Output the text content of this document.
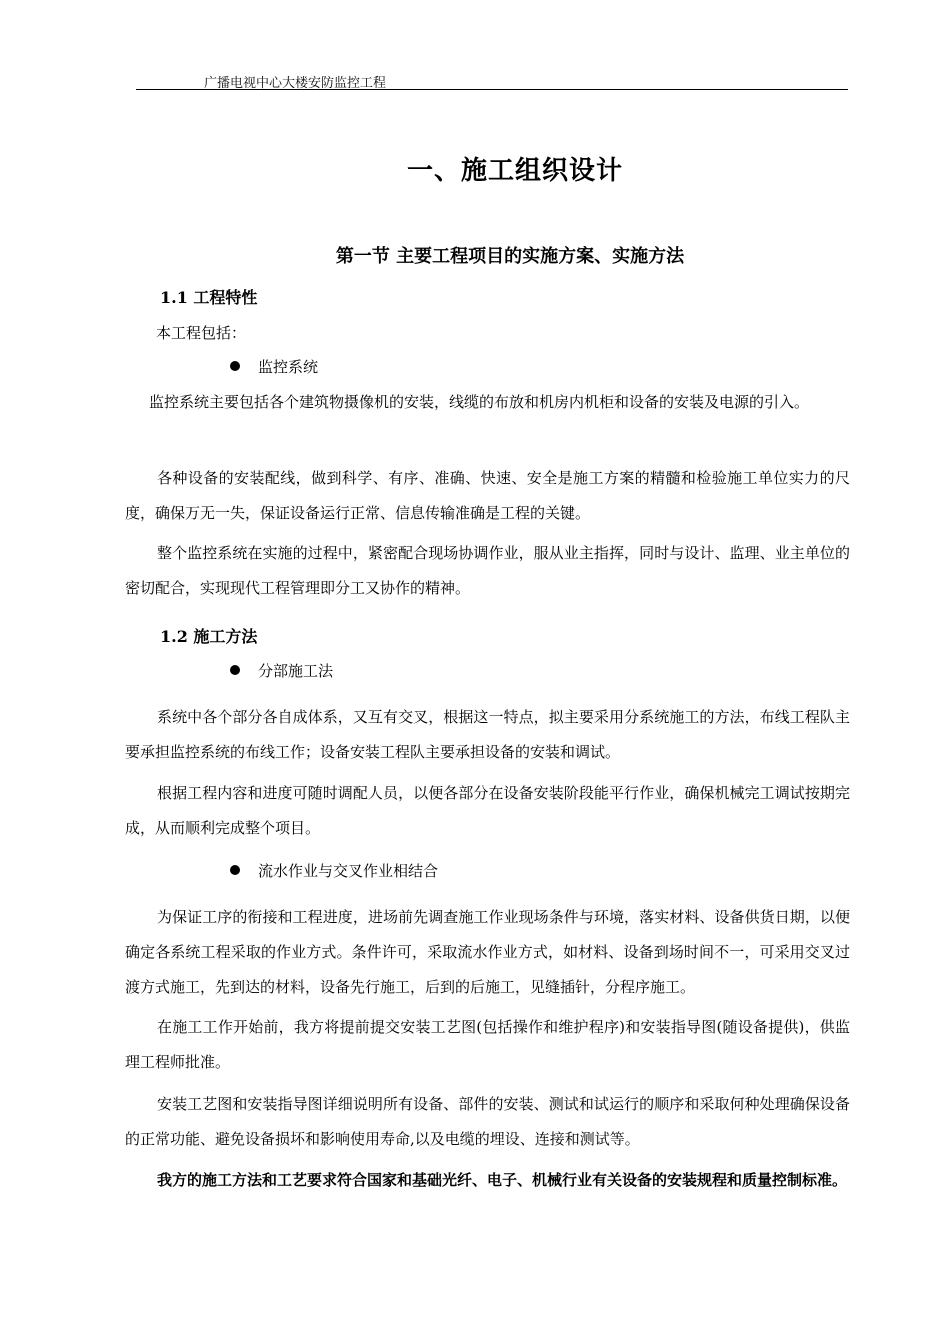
广播电视中心大楼安防监控工程
一、施工组织设计
第一节 主要工程项目的实施方案、实施方法
1.1 工程特性
本工程包括：
监控系统
监控系统主要包括各个建筑物摄像机的安装，线缆的布放和机房内机柜和设备的安装及电源的引入。
各种设备的安装配线，做到科学、有序、准确、快速、安全是施工方案的精髓和检验施工单位实力的尺度，确保万无一失，保证设备运行正常、信息传输准确是工程的关键。
整个监控系统在实施的过程中，紧密配合现场协调作业，服从业主指挥，同时与设计、监理、业主单位的密切配合，实现现代工程管理即分工又协作的精神。
1.2 施工方法
分部施工法
系统中各个部分各自成体系，又互有交叉，根据这一特点，拟主要采用分系统施工的方法，布线工程队主要承担监控系统的布线工作；设备安装工程队主要承担设备的安装和调试。
根据工程内容和进度可随时调配人员，以便各部分在设备安装阶段能平行作业，确保机械完工调试按期完成，从而顺利完成整个项目。
流水作业与交叉作业相结合
为保证工序的衔接和工程进度，进场前先调查施工作业现场条件与环境，落实材料、设备供货日期，以便确定各系统工程采取的作业方式。条件许可，采取流水作业方式，如材料、设备到场时间不一，可采用交叉过渡方式施工，先到达的材料，设备先行施工，后到的后施工，见缝插针，分程序施工。
在施工工作开始前，我方将提前提交安装工艺图(包括操作和维护程序)和安装指导图(随设备提供)，供监理工程师批准。
安装工艺图和安装指导图详细说明所有设备、部件的安装、测试和试运行的顺序和采取何种处理确保设备的正常功能、避免设备损坏和影响使用寿命,以及电缆的埋设、连接和测试等。
我方的施工方法和工艺要求符合国家和基础光纤、电子、机械行业有关设备的安装规程和质量控制标准。
